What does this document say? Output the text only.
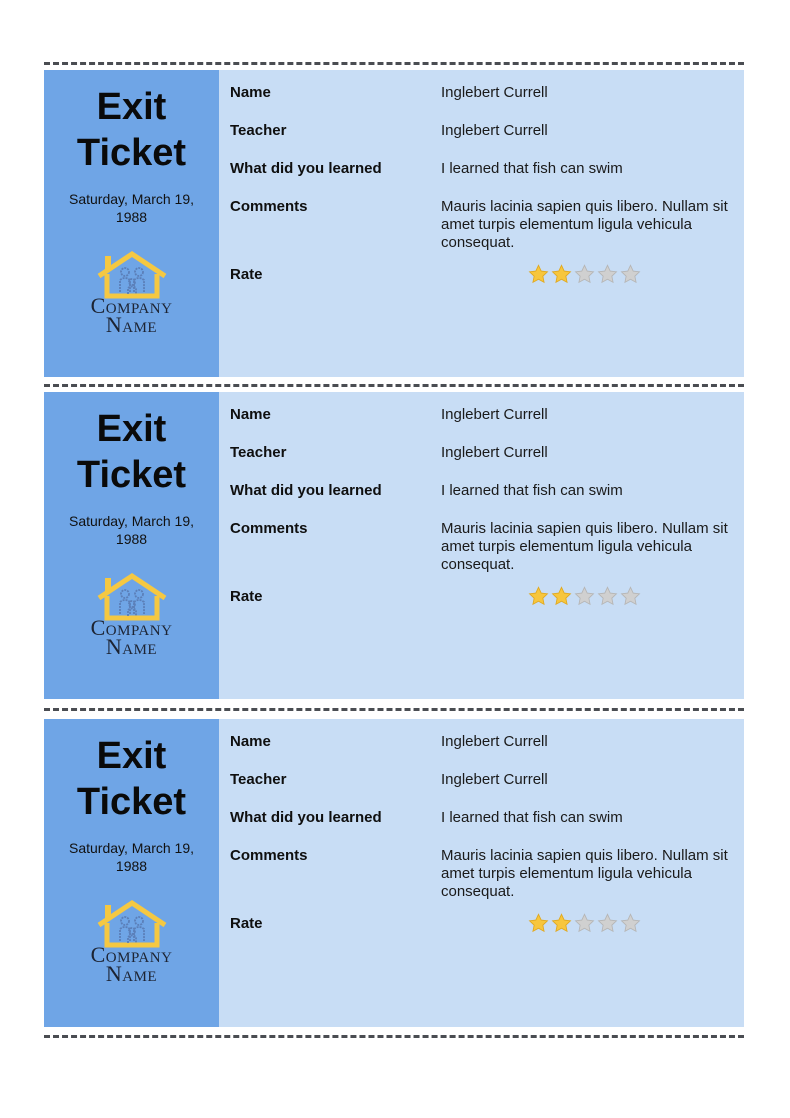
Exit
Ticket
Saturday, March 19, 1988
Company
Name
Name	Inglebert Currell
Teacher	Inglebert Currell
What did you learned	I learned that fish can swim
Comments	Mauris lacinia sapien quis libero. Nullam sit amet turpis elementum ligula vehicula consequat.
Rate
Exit
Ticket
Saturday, March 19, 1988
Company
Name
Name	Inglebert Currell
Teacher	Inglebert Currell
What did you learned	I learned that fish can swim
Comments	Mauris lacinia sapien quis libero. Nullam sit amet turpis elementum ligula vehicula consequat.
Rate
Exit
Ticket
Saturday, March 19, 1988
Company
Name
Name	Inglebert Currell
Teacher	Inglebert Currell
What did you learned	I learned that fish can swim
Comments	Mauris lacinia sapien quis libero. Nullam sit amet turpis elementum ligula vehicula consequat.
Rate
